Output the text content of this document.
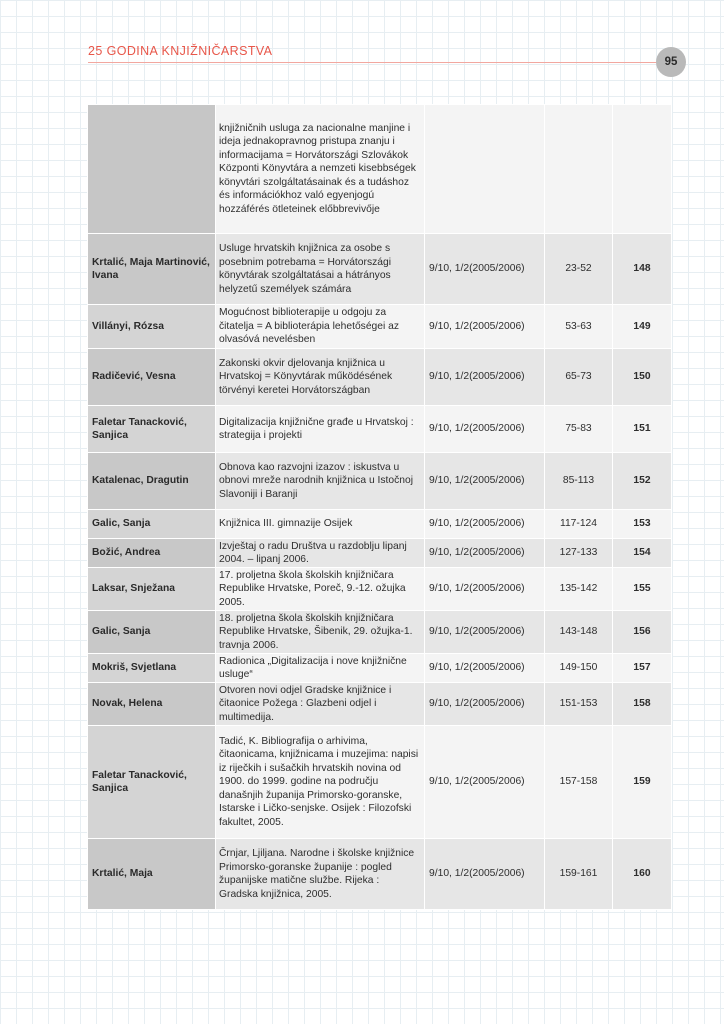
25 GODINA KNJIŽNIČARSTVA
95
	knjižničnih usluga za nacionalne manjine i ideja jednakopravnog pristupa znanju i informacijama = Horvátországi Szlovákok Központi Könyvtára a nemzeti kisebbségek könyvtári szolgáltatásainak és a tudáshoz és információkhoz való egyenjogú hozzáférés ötleteinek előbbrevivője			
Krtalić, Maja Martinović, Ivana	Usluge hrvatskih knjižnica za osobe s posebnim potrebama = Horvátországi könyvtárak szolgáltatásai a hátrányos helyzetű személyek számára	9/10, 1/2(2005/2006)	23-52	148
Villányi, Rózsa	Mogućnost biblioterapije u odgoju za čitatelja = A biblioterápia lehetőségei az olvasóvá nevelésben	9/10, 1/2(2005/2006)	53-63	149
Radičević, Vesna	Zakonski okvir djelovanja knjižnica u Hrvatskoj = Könyvtárak működésének törvényi keretei Horvátországban	9/10, 1/2(2005/2006)	65-73	150
Faletar Tanacković, Sanjica	Digitalizacija knjižnične građe u Hrvatskoj : strategija i projekti	9/10, 1/2(2005/2006)	75-83	151
Katalenac, Dragutin	Obnova kao razvojni izazov : iskustva u obnovi mreže narodnih knjižnica u Istočnoj Slavoniji i Baranji	9/10, 1/2(2005/2006)	85-113	152
Galic, Sanja	Knjižnica III. gimnazije Osijek	9/10, 1/2(2005/2006)	117-124	153
Božić, Andrea	Izvještaj o radu Društva u razdoblju lipanj 2004. – lipanj 2006.	9/10, 1/2(2005/2006)	127-133	154
Laksar, Snježana	17. proljetna škola školskih knjižničara Republike Hrvatske, Poreč, 9.-12. ožujka 2005.	9/10, 1/2(2005/2006)	135-142	155
Galic, Sanja	18. proljetna škola školskih knjižničara Republike Hrvatske, Šibenik, 29. ožujka-1. travnja 2006.	9/10, 1/2(2005/2006)	143-148	156
Mokriš, Svjetlana	Radionica „Digitalizacija i nove knjižnične usluge“	9/10, 1/2(2005/2006)	149-150	157
Novak, Helena	Otvoren novi odjel Gradske knjižnice i čitaonice Požega : Glazbeni odjel i multimedija.	9/10, 1/2(2005/2006)	151-153	158
Faletar Tanacković, Sanjica	Tadić, K. Bibliografija o arhivima, čitaonicama, knjižnicama i muzejima: napisi iz riječkih i sušačkih hrvatskih novina od 1900. do 1999. godine na području današnjih županija Primorsko-goranske, Istarske i Ličko-senjske. Osijek : Filozofski fakultet, 2005.	9/10, 1/2(2005/2006)	157-158	159
Krtalić, Maja	Črnjar, Ljiljana. Narodne i školske knjižnice Primorsko-goranske županije : pogled županijske matične službe. Rijeka : Gradska knjižnica, 2005.	9/10, 1/2(2005/2006)	159-161	160
